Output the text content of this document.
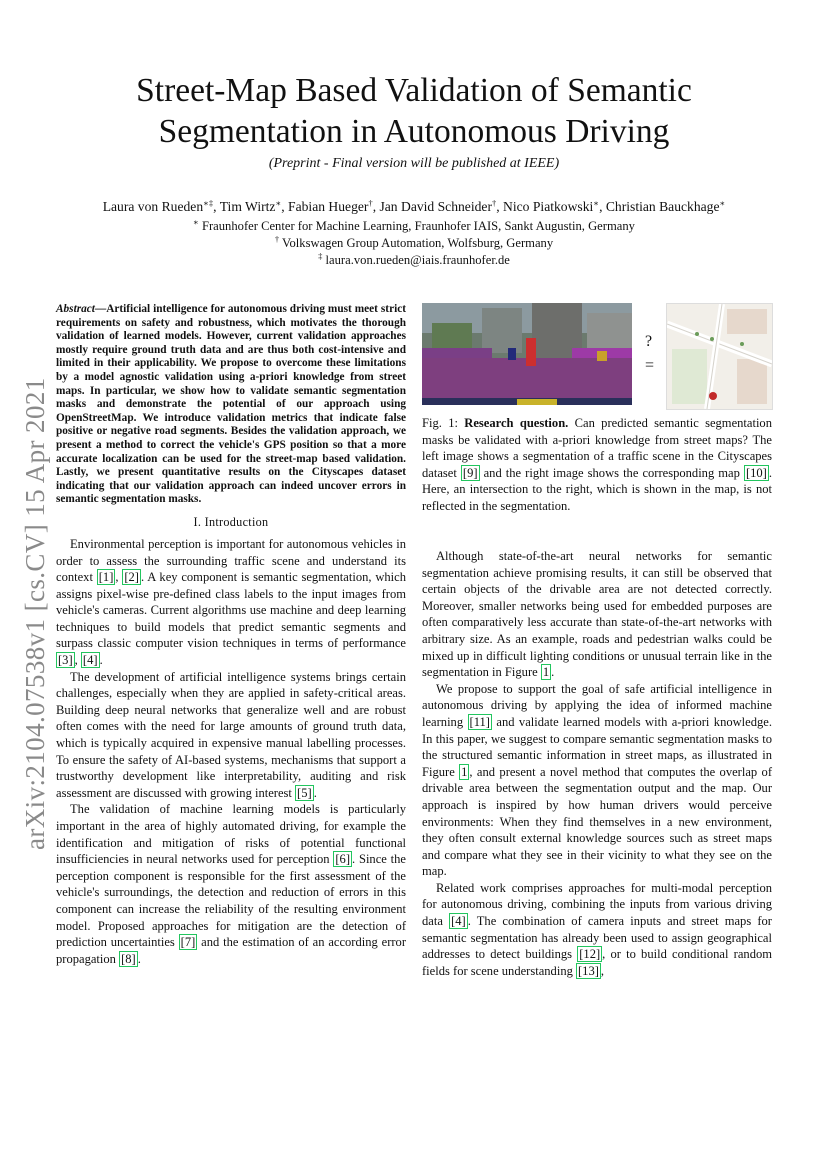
arXiv:2104.07538v1 [cs.CV] 15 Apr 2021
Street-Map Based Validation of Semantic Segmentation in Autonomous Driving
(Preprint - Final version will be published at IEEE)
Laura von Rueden∗‡, Tim Wirtz∗, Fabian Hueger†, Jan David Schneider†, Nico Piatkowski∗, Christian Bauckhage∗
∗ Fraunhofer Center for Machine Learning, Fraunhofer IAIS, Sankt Augustin, Germany
† Volkswagen Group Automation, Wolfsburg, Germany
‡ laura.von.rueden@iais.fraunhofer.de

Abstract—Artificial intelligence for autonomous driving must meet strict requirements on safety and robustness, which motivates the thorough validation of learned models. However, current validation approaches mostly require ground truth data and are thus both cost-intensive and limited in their applicability. We propose to overcome these limitations by a model agnostic validation using a-priori knowledge from street maps. In particular, we show how to validate semantic segmentation masks and demonstrate the potential of our approach using OpenStreetMap. We introduce validation metrics that indicate false positive or negative road segments. Besides the validation approach, we present a method to correct the vehicle's GPS position so that a more accurate localization can be used for the street-map based validation. Lastly, we present quantitative results on the Cityscapes dataset indicating that our validation approach can indeed uncover errors in semantic segmentation masks.

I. Introduction

Environmental perception is important for autonomous vehicles in order to assess the surrounding traffic scene and understand its context [1] , [2] . A key component is semantic segmentation, which assigns pixel-wise pre-defined class labels to the input images from vehicle's cameras. Current algorithms use machine and deep learning techniques to build models that predict semantic segments and surpass classic computer vision techniques in terms of performance [3] , [4] .

The development of artificial intelligence systems brings certain challenges, especially when they are applied in safety-critical areas. Building deep neural networks that generalize well and are robust often comes with the need for large amounts of ground truth data, which is typically acquired in expensive manual labelling processes. To ensure the safety of AI-based systems, mechanisms that support a trustworthy development like interpretability, auditing and risk assessment are discussed with growing interest [5] .

The validation of machine learning models is particularly important in the area of highly automated driving, for example the identification and mitigation of risks of potential functional insufficiencies in neural networks used for perception [6] . Since the perception component is responsible for the first assessment of the vehicle's surroundings, the detection and reduction of errors in this component can increase the reliability of the resulting environment model. Proposed approaches for mitigation are the detection of prediction uncertainties [7] and the estimation of an according error propagation [8] .

?
=

Fig. 1: Research question. Can predicted semantic segmentation masks be validated with a-priori knowledge from street maps? The left image shows a segmentation of a traffic scene in the Cityscapes dataset [9] and the right image shows the corresponding map [10] . Here, an intersection to the right, which is shown in the map, is not reflected in the segmentation.

Although state-of-the-art neural networks for semantic segmentation achieve promising results, it can still be observed that certain objects of the drivable area are not detected correctly. Moreover, smaller networks being used for embedded purposes are often comparatively less accurate than state-of-the-art networks with arbitrary size. As an example, roads and pedestrian walks could be mixed up in difficult lighting conditions or unusual terrain like in the segmentation in Figure 1 .

We propose to support the goal of safe artificial intelligence in autonomous driving by applying the idea of informed machine learning [11] and validate learned models with a-priori knowledge. In this paper, we suggest to compare semantic segmentation masks to the structured semantic information in street maps, as illustrated in Figure 1 , and present a novel method that computes the overlap of drivable area between the segmentation output and the map. Our approach is inspired by how human drivers would perceive environments: When they find themselves in a new environment, they often consult external knowledge sources such as street maps and compare what they see in their vicinity to what they see on the map.

Related work comprises approaches for multi-modal perception for autonomous driving, combining the inputs from various driving data [4] . The combination of camera inputs and street maps for semantic segmentation has already been used to assign geographical addresses to detect buildings [12] , or to build conditional random fields for scene understanding [13] ,
